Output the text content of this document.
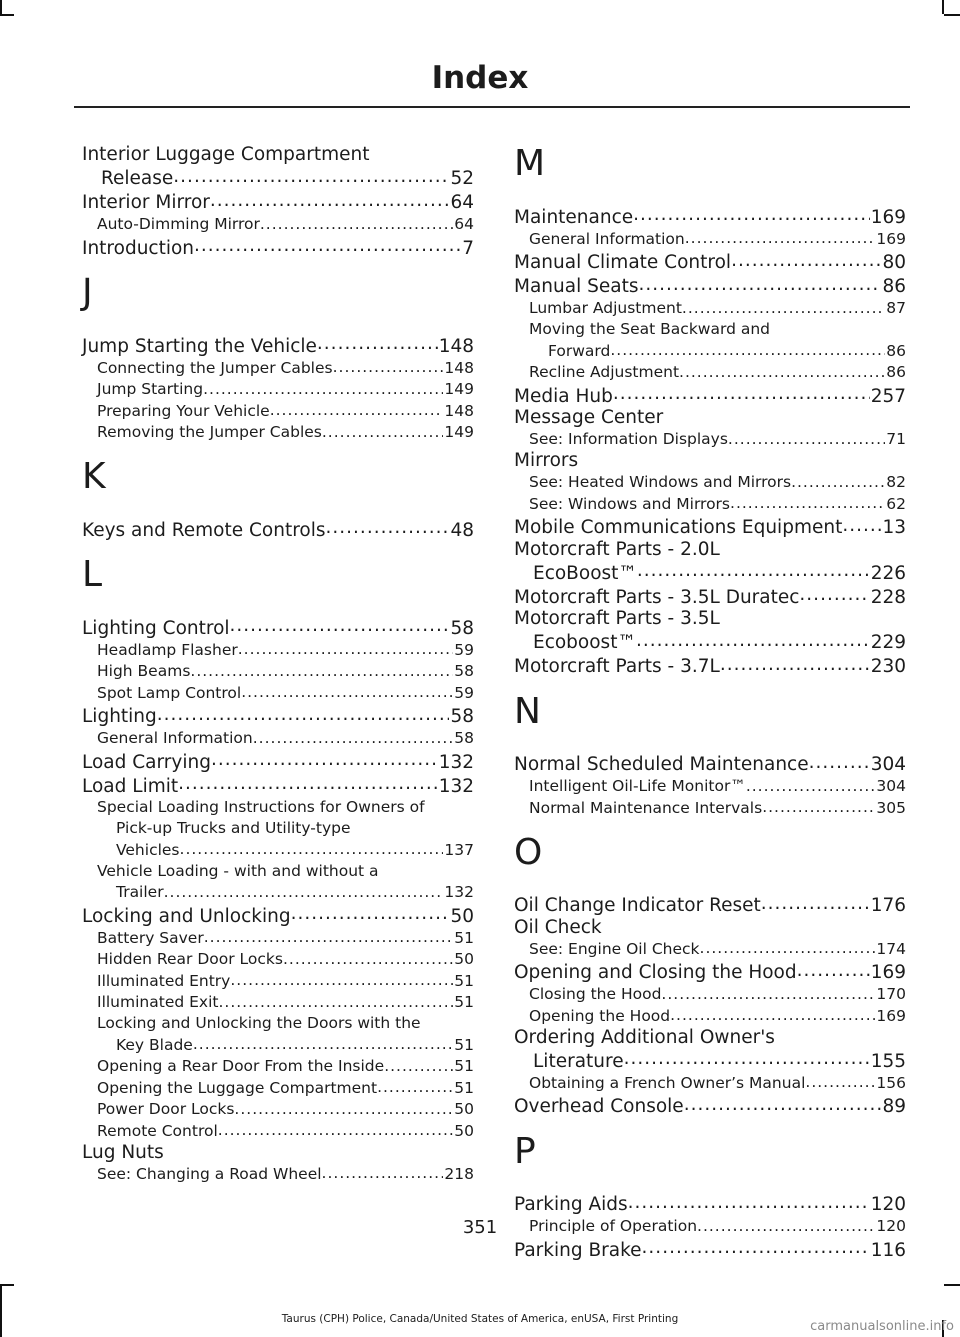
Index
Interior Luggage Compartment
Release .....	52
Interior Mirror .....	64
Auto-Dimming Mirror .....	64
Introduction .....	7
J
Jump Starting the Vehicle .....	148
Connecting the Jumper Cables .....	148
Jump Starting .....	149
Preparing Your Vehicle .....	148
Removing the Jumper Cables .....	149
K
Keys and Remote Controls .....	48
L
Lighting Control .....	58
Headlamp Flasher .....	59
High Beams .....	58
Spot Lamp Control .....	59
Lighting .....	58
General Information .....	58
Load Carrying .....	132
Load Limit .....	132
Special Loading Instructions for Owners of
Pick-up Trucks and Utility-type
Vehicles .....	137
Vehicle Loading - with and without a
Trailer .....	132
Locking and Unlocking .....	50
Battery Saver .....	51
Hidden Rear Door Locks .....	50
Illuminated Entry .....	51
Illuminated Exit .....	51
Locking and Unlocking the Doors with the
Key Blade .....	51
Opening a Rear Door From the Inside .....	51
Opening the Luggage Compartment .....	51
Power Door Locks .....	50
Remote Control .....	50
Lug Nuts
See: Changing a Road Wheel .....	218
M
Maintenance .....	169
General Information .....	169
Manual Climate Control .....	80
Manual Seats .....	86
Lumbar Adjustment .....	87
Moving the Seat Backward and
Forward .....	86
Recline Adjustment .....	86
Media Hub .....	257
Message Center
See: Information Displays .....	71
Mirrors
See: Heated Windows and Mirrors .....	82
See: Windows and Mirrors .....	62
Mobile Communications Equipment ..... 13
Motorcraft Parts - 2.0L
EcoBoost™ .....	226
Motorcraft Parts - 3.5L Duratec .....	228
Motorcraft Parts - 3.5L
Ecoboost™ .....	229
Motorcraft Parts - 3.7L .....	230
N
Normal Scheduled Maintenance .....	304
Intelligent Oil-Life Monitor™ .....	304
Normal Maintenance Intervals .....	305
O
Oil Change Indicator Reset .....	176
Oil Check
See: Engine Oil Check .....	174
Opening and Closing the Hood .....	169
Closing the Hood .....	170
Opening the Hood .....	169
Ordering Additional Owner's
Literature .....	155
Obtaining a French Owner’s Manual .....	156
Overhead Console .....	89
P
Parking Aids .....	120
Principle of Operation .....	120
Parking Brake .....	116
351
Taurus (CPH) Police, Canada/United States of America, enUSA, First Printing	carmanualsonline.info
